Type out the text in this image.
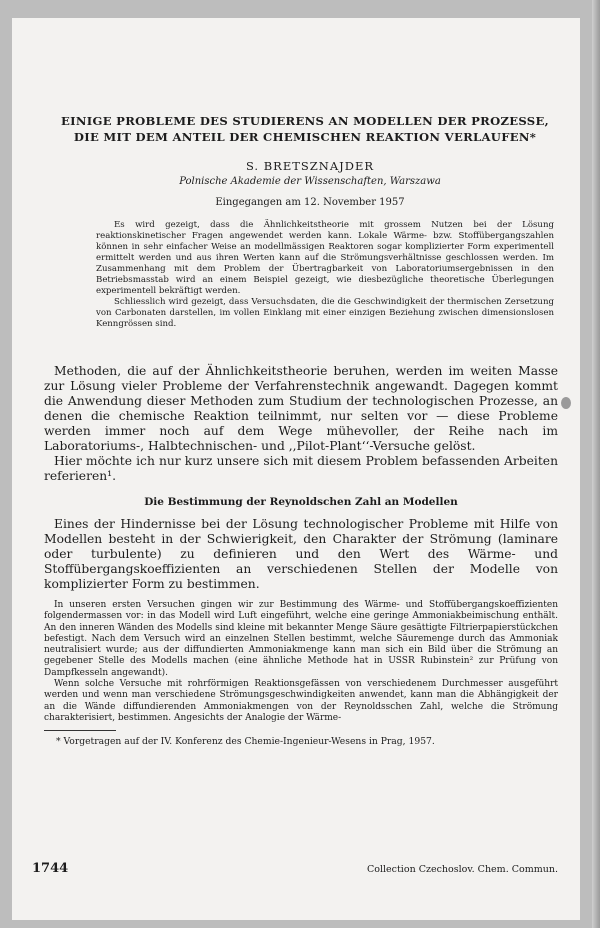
EINIGE PROBLEME DES STUDIERENS AN MODELLEN DER PROZESSE,
DIE MIT DEM ANTEIL DER CHEMISCHEN REAKTION VERLAUFEN*
S. BRETSZNAJDER
Polnische Akademie der Wissenschaften, Warszawa
Eingegangen am 12. November 1957

Es wird gezeigt, dass die Ähnlichkeitstheorie mit grossem Nutzen bei der Lösung reaktionskinetischer Fragen angewendet werden kann. Lokale Wärme- bzw. Stoffübergangszahlen können in sehr einfacher Weise an modellmässigen Reaktoren sogar komplizierter Form experimentell ermittelt werden und aus ihren Werten kann auf die Strömungsverhältnisse geschlossen werden. Im Zusammenhang mit dem Problem der Übertragbarkeit von Laboratoriumsergebnissen in den Betriebsmasstab wird an einem Beispiel gezeigt, wie diesbezügliche theoretische Überlegungen experimentell bekräftigt werden.

Schliesslich wird gezeigt, dass Versuchsdaten, die die Geschwindigkeit der thermischen Zersetzung von Carbonaten darstellen, im vollen Einklang mit einer einzigen Beziehung zwischen dimensionslosen Kenngrössen sind.

Methoden, die auf der Ähnlichkeitstheorie beruhen, werden im weiten Masse zur Lösung vieler Probleme der Verfahrenstechnik angewandt. Dagegen kommt die Anwendung dieser Methoden zum Studium der technologischen Prozesse, an denen die chemische Reaktion teilnimmt, nur selten vor — diese Probleme werden immer noch auf dem Wege mühevoller, der Reihe nach im Laboratoriums-, Halbtechnischen- und ,,Pilot-Plant‘‘-Versuche gelöst.

Hier möchte ich nur kurz unsere sich mit diesem Problem befassenden Arbeiten referieren¹.

Die Bestimmung der Reynoldschen Zahl an Modellen

Eines der Hindernisse bei der Lösung technologischer Probleme mit Hilfe von Modellen besteht in der Schwierigkeit, den Charakter der Strömung (laminare oder turbulente) zu definieren und den Wert des Wärme- und Stoffübergangskoeffizienten an verschiedenen Stellen der Modelle von komplizierter Form zu bestimmen.

In unseren ersten Versuchen gingen wir zur Bestimmung des Wärme- und Stoffübergangskoeffizienten folgendermassen vor: in das Modell wird Luft eingeführt, welche eine geringe Ammoniakbeimischung enthält. An den inneren Wänden des Modells sind kleine mit bekannter Menge Säure gesättigte Filtrierpapierstückchen befestigt. Nach dem Versuch wird an einzelnen Stellen bestimmt, welche Säuremenge durch das Ammoniak neutralisiert wurde; aus der diffundierten Ammoniakmenge kann man sich ein Bild über die Strömung an gegebener Stelle des Modells machen (eine ähnliche Methode hat in USSR Rubinstein² zur Prüfung von Dampfkesseln angewandt).

Wenn solche Versuche mit rohrförmigen Reaktionsgefässen von verschiedenem Durchmesser ausgeführt werden und wenn man verschiedene Strömungsgeschwindigkeiten anwendet, kann man die Abhängigkeit der an die Wände diffundierenden Ammoniakmengen von der Reynoldsschen Zahl, welche die Strömung charakterisiert, bestimmen. Angesichts der Analogie der Wärme-

* Vorgetragen auf der IV. Konferenz des Chemie-Ingenieur-Wesens in Prag, 1957.
1744	Collection Czechoslov. Chem. Commun.
